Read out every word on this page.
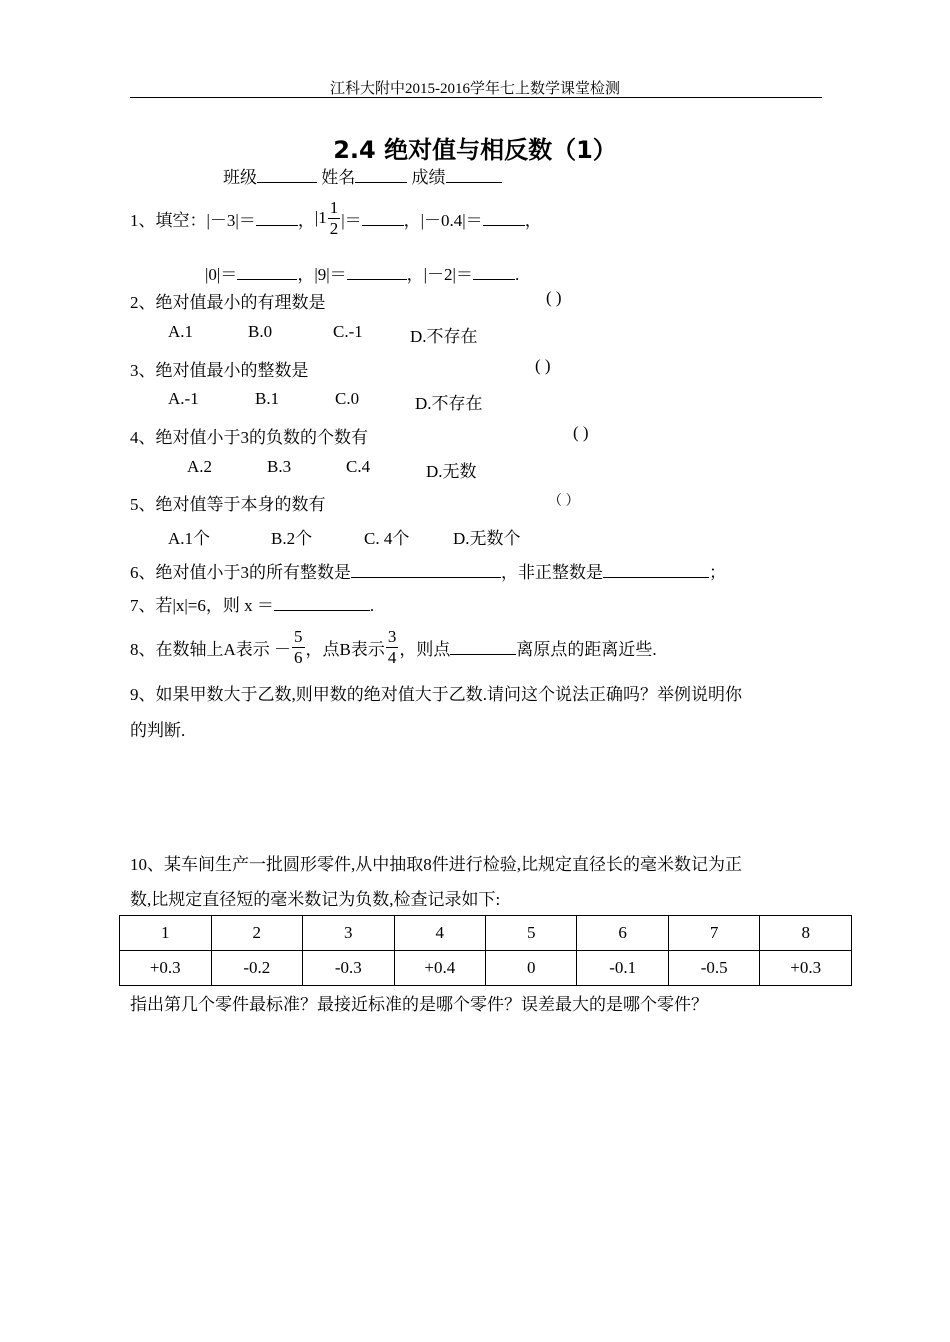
江科大附中2015-2016学年七上数学课堂检测
2.4 绝对值与相反数（1）
班级	姓名	成绩
1、填空： |－3|＝ ， $|1 \frac{1}{2}$ |＝ ， |－0.4|＝ ，
|0|＝	，|9|＝	，|－2|＝ .
2、绝对值最小的有理数是	( )
A.1	B.0	C.-1	D.不存在
3、绝对值最小的整数是	( )
A.-1	B.1	C.0	D.不存在
4、绝对值小于3的负数的个数有	( )
A.2	B.3	C.4	D.无数
5、绝对值等于本身的数有	（ ）
A.1个	B.2个	C. 4个	D.无数个
6、绝对值小于3的所有整数是	，非正整数是	；
7、若|x|=6，则 x ＝	.
8、在数轴上A表示 － $\frac{5}{6}$ ，点B表示 $\frac{3}{4}$ ，则点	离原点的距离近些.
9、如果甲数大于乙数,则甲数的绝对值大于乙数.请问这个说法正确吗？举例说明你
的判断.
10、某车间生产一批圆形零件,从中抽取8件进行检验,比规定直径长的毫米数记为正
数,比规定直径短的毫米数记为负数,检查记录如下:
1	2	3	4	5	6	7	8
+0.3	-0.2	-0.3	+0.4	0	-0.1	-0.5	+0.3
指出第几个零件最标准？最接近标准的是哪个零件？误差最大的是哪个零件？
